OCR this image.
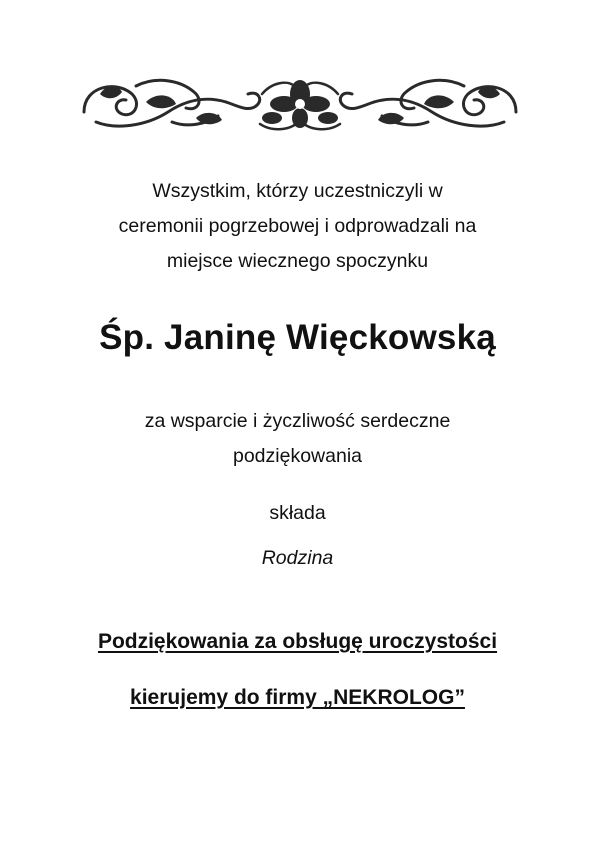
Wszystkim, którzy uczestniczyli w
ceremonii pogrzebowej i odprowadzali na
miejsce wiecznego spoczynku
Śp. Janinę Więckowską
za wsparcie i życzliwość serdeczne
podziękowania
składa
Rodzina
Podziękowania za obsługę uroczystości
kierujemy do firmy „NEKROLOG”
